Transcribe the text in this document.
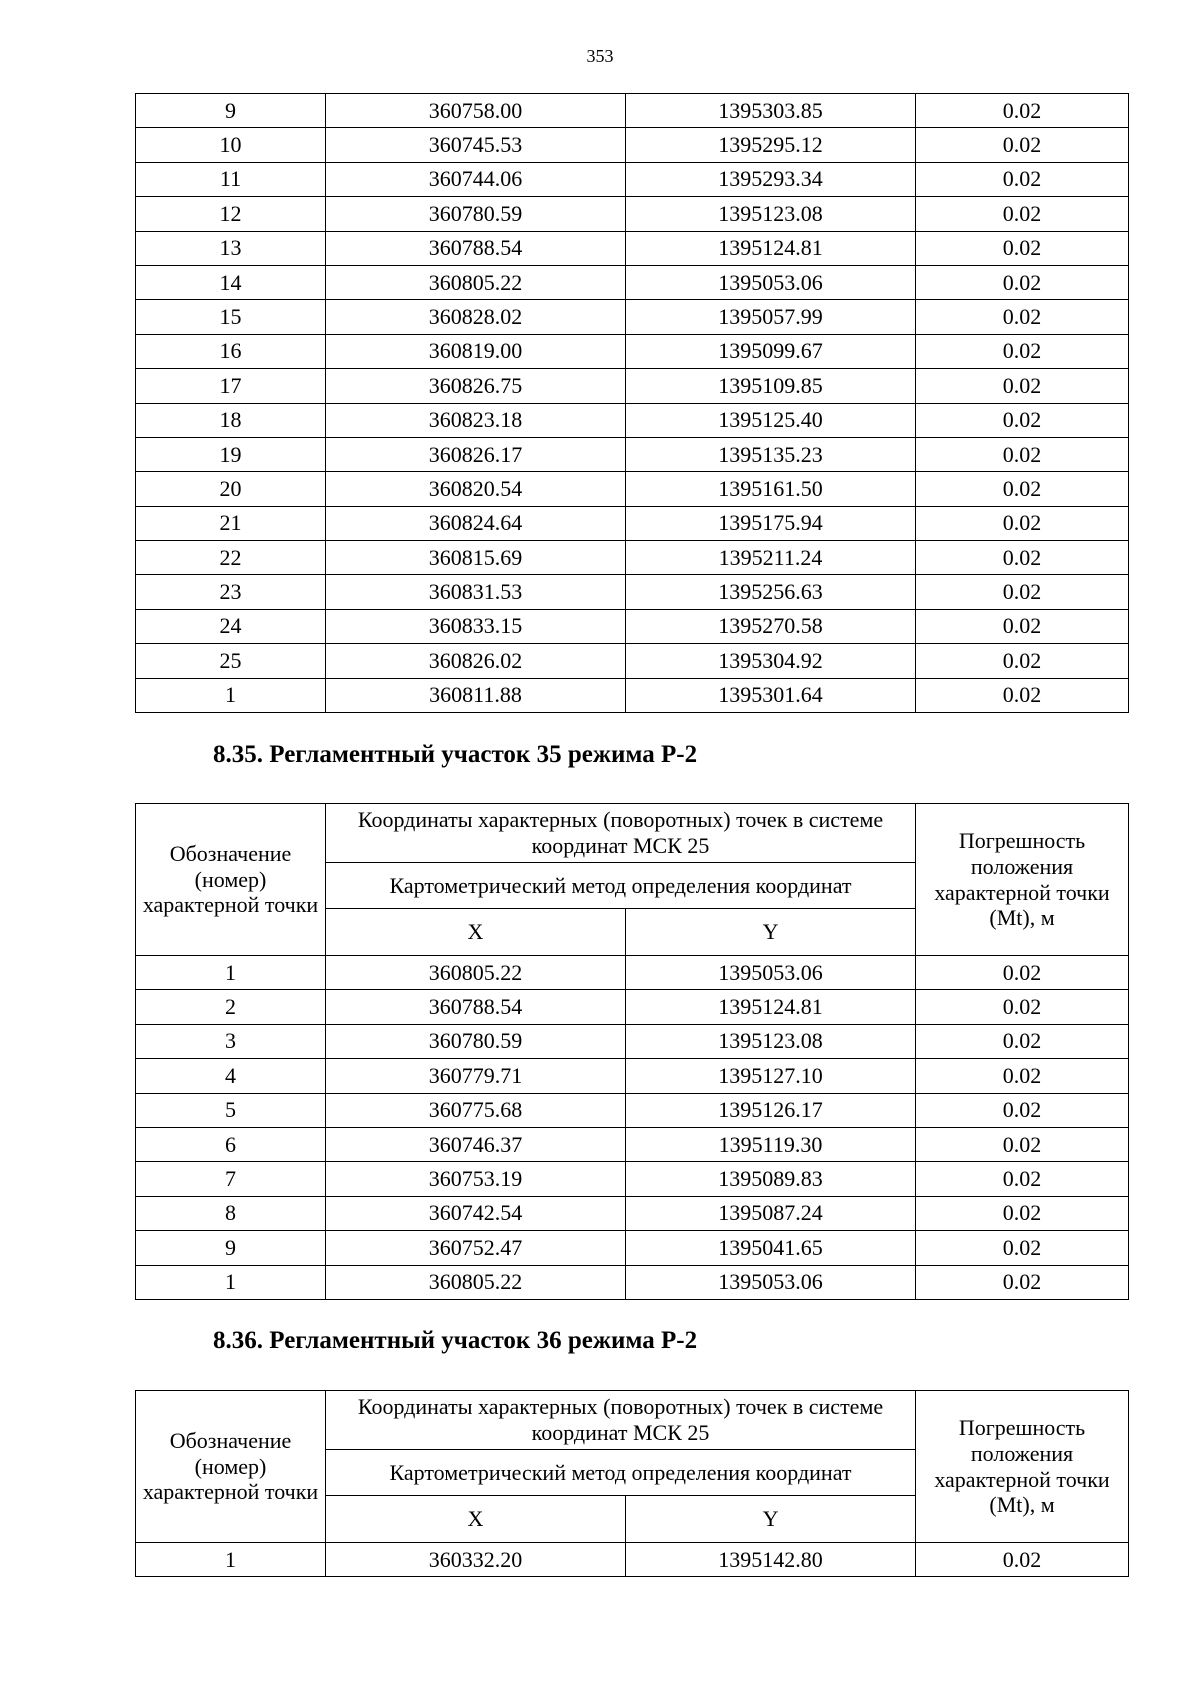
353
9	360758.00	1395303.85	0.02
10	360745.53	1395295.12	0.02
11	360744.06	1395293.34	0.02
12	360780.59	1395123.08	0.02
13	360788.54	1395124.81	0.02
14	360805.22	1395053.06	0.02
15	360828.02	1395057.99	0.02
16	360819.00	1395099.67	0.02
17	360826.75	1395109.85	0.02
18	360823.18	1395125.40	0.02
19	360826.17	1395135.23	0.02
20	360820.54	1395161.50	0.02
21	360824.64	1395175.94	0.02
22	360815.69	1395211.24	0.02
23	360831.53	1395256.63	0.02
24	360833.15	1395270.58	0.02
25	360826.02	1395304.92	0.02
1	360811.88	1395301.64	0.02
8.35. Регламентный участок 35 режима Р-2
Обозначение (номер) характерной точки	Координаты характерных (поворотных) точек в системе координат МСК 25		Погрешность положения характерной точки (Mt), м
	Картометрический метод определения координат		
	X	Y	
1	360805.22	1395053.06	0.02
2	360788.54	1395124.81	0.02
3	360780.59	1395123.08	0.02
4	360779.71	1395127.10	0.02
5	360775.68	1395126.17	0.02
6	360746.37	1395119.30	0.02
7	360753.19	1395089.83	0.02
8	360742.54	1395087.24	0.02
9	360752.47	1395041.65	0.02
1	360805.22	1395053.06	0.02
8.36. Регламентный участок 36 режима Р-2
Обозначение (номер) характерной точки	Координаты характерных (поворотных) точек в системе координат МСК 25		Погрешность положения характерной точки (Mt), м
	Картометрический метод определения координат		
	X	Y	
1	360332.20	1395142.80	0.02
